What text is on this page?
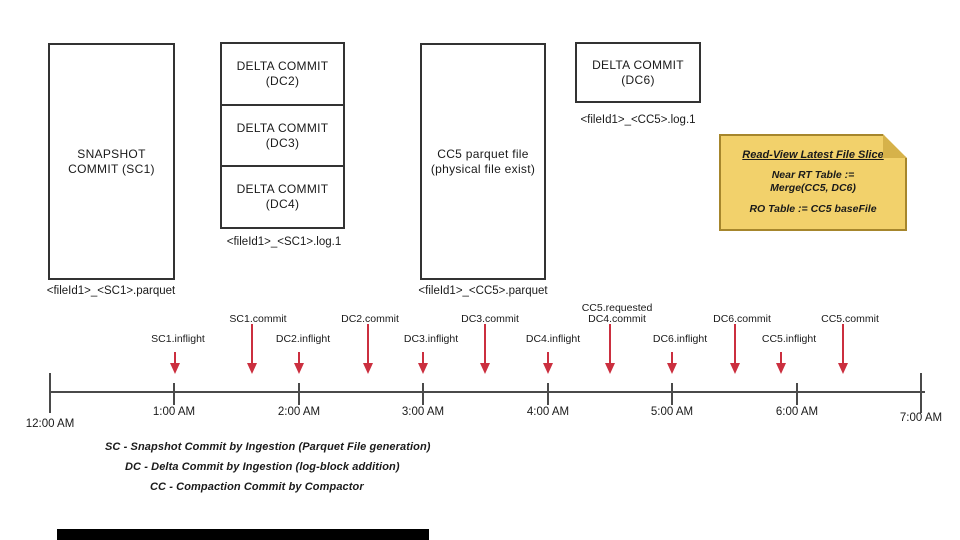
SNAPSHOT
COMMIT (SC1)
<fileId1>_<SC1>.parquet
DELTA COMMIT
(DC2)
DELTA COMMIT
(DC3)
DELTA COMMIT
(DC4)
<fileId1>_<SC1>.log.1
CC5 parquet file
(physical file exist)
<fileId1>_<CC5>.parquet
DELTA COMMIT
(DC6)
<fileId1>_<CC5>.log.1
Read-View Latest File Slice
Near RT Table :=
Merge(CC5, DC6)
RO Table := CC5 baseFile
12:00 AM
1:00 AM	2:00 AM	3:00 AM	4:00 AM	5:00 AM	6:00 AM	7:00 AM
SC1.inflight
SC1.commit
DC2.inflight
DC2.commit
DC3.inflight
DC3.commit
DC4.inflight
CC5.requested
DC4.commit
DC6.inflight
DC6.commit
CC5.inflight
CC5.commit
SC - Snapshot Commit by Ingestion (Parquet File generation)
DC - Delta Commit by Ingestion (log-block addition)
CC - Compaction Commit by Compactor
